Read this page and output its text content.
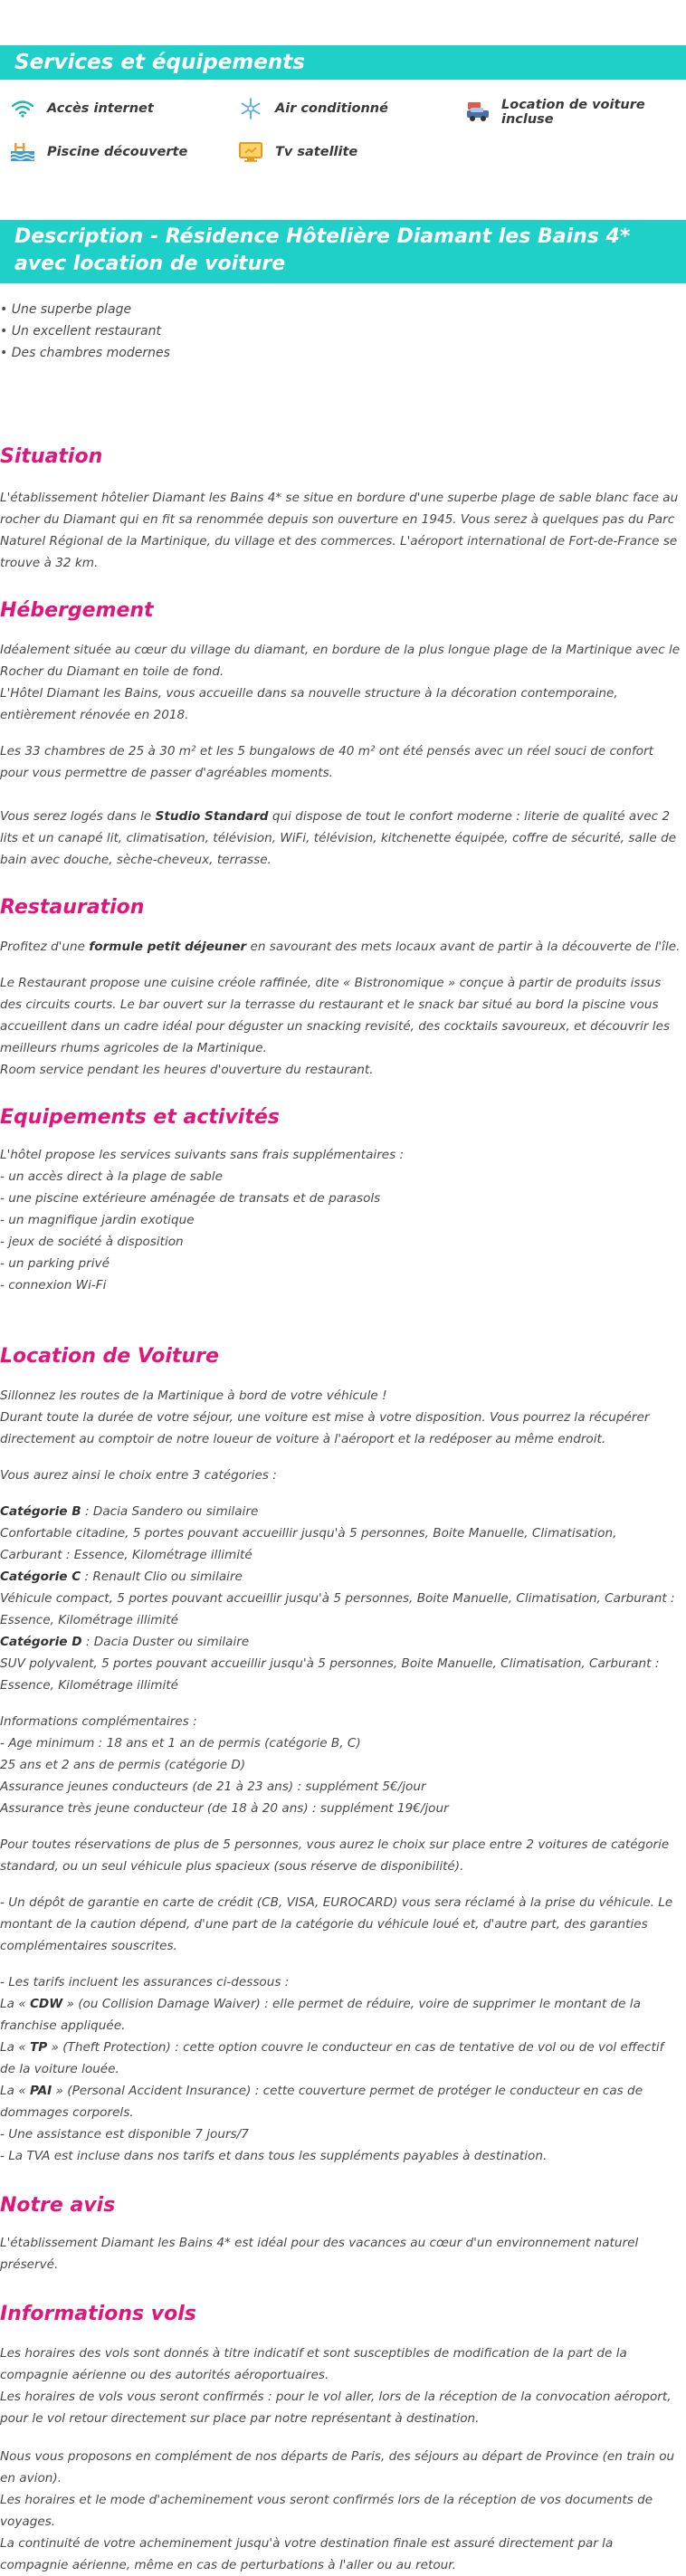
Services et équipements
Accès internet	Air conditionné	Location de voiture incluse
Piscine découverte	Tv satellite
Description - Résidence Hôtelière Diamant les Bains 4* avec location de voiture
• Une superbe plage
• Un excellent restaurant
• Des chambres modernes
Situation
L'établissement hôtelier Diamant les Bains 4* se situe en bordure d'une superbe plage de sable blanc face au rocher du Diamant qui en fit sa renommée depuis son ouverture en 1945. Vous serez à quelques pas du Parc Naturel Régional de la Martinique, du village et des commerces. L'aéroport international de Fort-de-France se trouve à 32 km.
Hébergement
Idéalement située au cœur du village du diamant, en bordure de la plus longue plage de la Martinique avec le Rocher du Diamant en toile de fond.
L'Hôtel Diamant les Bains, vous accueille dans sa nouvelle structure à la décoration contemporaine, entièrement rénovée en 2018.
Les 33 chambres de 25 à 30 m² et les 5 bungalows de 40 m² ont été pensés avec un réel souci de confort pour vous permettre de passer d'agréables moments.
Vous serez logés dans le Studio Standard qui dispose de tout le confort moderne : literie de qualité avec 2 lits et un canapé lit, climatisation, télévision, WiFi, télévision, kitchenette équipée, coffre de sécurité, salle de bain avec douche, sèche-cheveux, terrasse.
Restauration
Profitez d'une formule petit déjeuner en savourant des mets locaux avant de partir à la découverte de l'île.
Le Restaurant propose une cuisine créole raffinée, dite « Bistronomique » conçue à partir de produits issus des circuits courts. Le bar ouvert sur la terrasse du restaurant et le snack bar situé au bord la piscine vous accueillent dans un cadre idéal pour déguster un snacking revisité, des cocktails savoureux, et découvrir les meilleurs rhums agricoles de la Martinique.
Room service pendant les heures d'ouverture du restaurant.
Equipements et activités
L'hôtel propose les services suivants sans frais supplémentaires :
- un accès direct à la plage de sable
- une piscine extérieure aménagée de transats et de parasols
- un magnifique jardin exotique
- jeux de société à disposition
- un parking privé
- connexion Wi-Fi
Location de Voiture
Sillonnez les routes de la Martinique à bord de votre véhicule !
Durant toute la durée de votre séjour, une voiture est mise à votre disposition. Vous pourrez la récupérer directement au comptoir de notre loueur de voiture à l'aéroport et la redéposer au même endroit.
Vous aurez ainsi le choix entre 3 catégories :
Catégorie B : Dacia Sandero ou similaire
Confortable citadine, 5 portes pouvant accueillir jusqu'à 5 personnes, Boite Manuelle, Climatisation, Carburant : Essence, Kilométrage illimité
Catégorie C : Renault Clio ou similaire
Véhicule compact, 5 portes pouvant accueillir jusqu'à 5 personnes, Boite Manuelle, Climatisation, Carburant : Essence, Kilométrage illimité
Catégorie D : Dacia Duster ou similaire
SUV polyvalent, 5 portes pouvant accueillir jusqu'à 5 personnes, Boite Manuelle, Climatisation, Carburant : Essence, Kilométrage illimité
Informations complémentaires :
- Age minimum : 18 ans et 1 an de permis (catégorie B, C)
25 ans et 2 ans de permis (catégorie D)
Assurance jeunes conducteurs (de 21 à 23 ans) : supplément 5€/jour
Assurance très jeune conducteur (de 18 à 20 ans) : supplément 19€/jour
Pour toutes réservations de plus de 5 personnes, vous aurez le choix sur place entre 2 voitures de catégorie standard, ou un seul véhicule plus spacieux (sous réserve de disponibilité).
- Un dépôt de garantie en carte de crédit (CB, VISA, EUROCARD) vous sera réclamé à la prise du véhicule. Le montant de la caution dépend, d'une part de la catégorie du véhicule loué et, d'autre part, des garanties complémentaires souscrites.
- Les tarifs incluent les assurances ci-dessous :
La « CDW » (ou Collision Damage Waiver) : elle permet de réduire, voire de supprimer le montant de la franchise appliquée.
La « TP » (Theft Protection) : cette option couvre le conducteur en cas de tentative de vol ou de vol effectif de la voiture louée.
La « PAI » (Personal Accident Insurance) : cette couverture permet de protéger le conducteur en cas de dommages corporels.
- Une assistance est disponible 7 jours/7
- La TVA est incluse dans nos tarifs et dans tous les suppléments payables à destination.
Notre avis
L'établissement Diamant les Bains 4* est idéal pour des vacances au cœur d'un environnement naturel préservé.
Informations vols
Les horaires des vols sont donnés à titre indicatif et sont susceptibles de modification de la part de la compagnie aérienne ou des autorités aéroportuaires.
Les horaires de vols vous seront confirmés : pour le vol aller, lors de la réception de la convocation aéroport, pour le vol retour directement sur place par notre représentant à destination.
Nous vous proposons en complément de nos départs de Paris, des séjours au départ de Province (en train ou en avion).
Les horaires et le mode d'acheminement vous seront confirmés lors de la réception de vos documents de voyages.
La continuité de votre acheminement jusqu'à votre destination finale est assuré directement par la compagnie aérienne, même en cas de perturbations à l'aller ou au retour.
